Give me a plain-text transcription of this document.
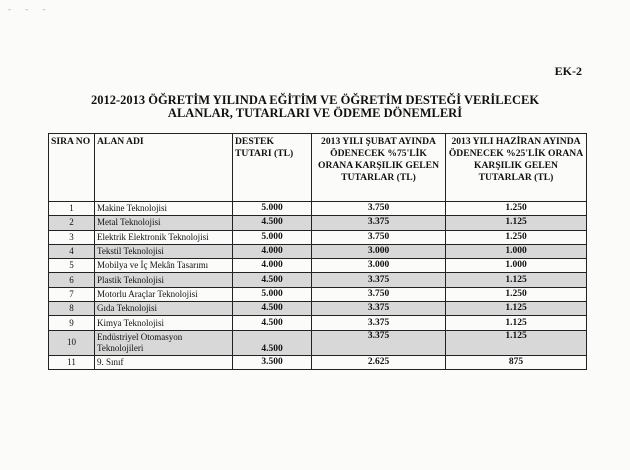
- - -
EK-2
2012-2013 ÖĞRETİM YILINDA EĞİTİM VE ÖĞRETİM DESTEĞİ VERİLECEK
ALANLAR, TUTARLARI VE ÖDEME DÖNEMLERİ
SIRA NO	ALAN ADI	DESTEK TUTARI (TL)	2013 YILI ŞUBAT AYINDA ÖDENECEK %75'LİK ORANA KARŞILIK GELEN TUTARLAR (TL)	2013 YILI HAZİRAN AYINDA ÖDENECEK %25'LİK ORANA KARŞILIK GELEN TUTARLAR (TL)
1	Makine Teknolojisi	5.000	3.750	1.250
2	Metal Teknolojisi	4.500	3.375	1.125
3	Elektrik Elektronik Teknolojisi	5.000	3.750	1.250
4	Tekstil Teknolojisi	4.000	3.000	1.000
5	Mobilya ve İç Mekân Tasarımı	4.000	3.000	1.000
6	Plastik Teknolojisi	4.500	3.375	1.125
7	Motorlu Araçlar Teknolojisi	5.000	3.750	1.250
8	Gıda Teknolojisi	4.500	3.375	1.125
9	Kimya Teknolojisi	4.500	3.375	1.125
10	Endüstriyel Otomasyon
Teknolojileri	4.500	3.375	1.125
11	9. Sınıf	3.500	2.625	875
